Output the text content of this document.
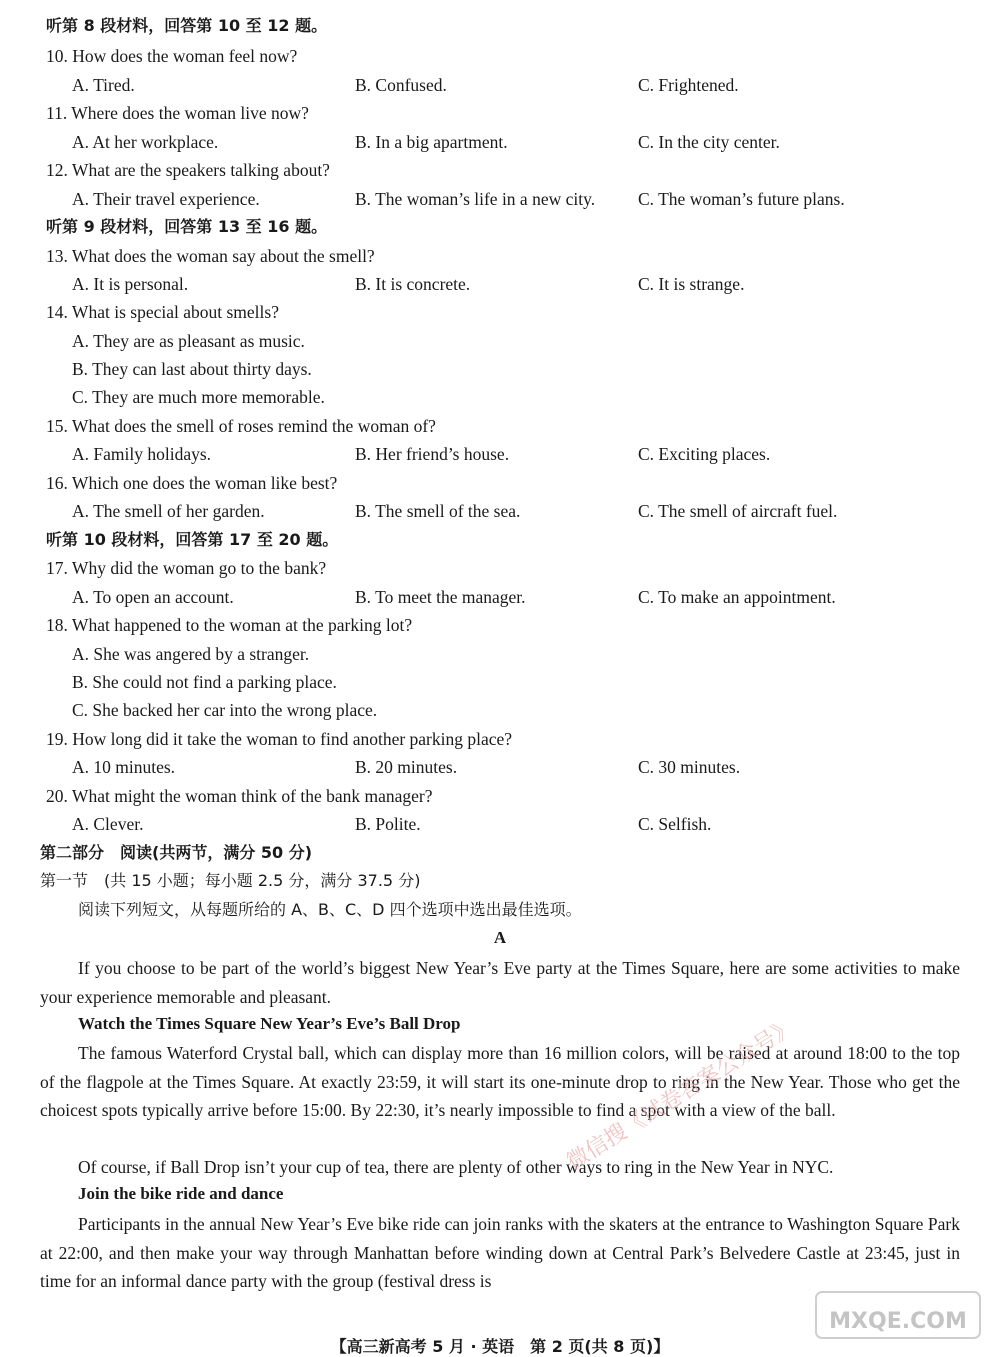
听第 8 段材料，回答第 10 至 12 题。
10. How does the woman feel now?
A. Tired.	B. Confused.	C. Frightened.
11. Where does the woman live now?
A. At her workplace.	B. In a big apartment.	C. In the city center.
12. What are the speakers talking about?
A. Their travel experience.	B. The woman’s life in a new city. C. The woman’s future plans.
听第 9 段材料，回答第 13 至 16 题。
13. What does the woman say about the smell?
A. It is personal.	B. It is concrete.	C. It is strange.
14. What is special about smells?
A. They are as pleasant as music.
B. They can last about thirty days.
C. They are much more memorable.
15. What does the smell of roses remind the woman of?
A. Family holidays.	B. Her friend’s house.	C. Exciting places.
16. Which one does the woman like best?
A. The smell of her garden.	B. The smell of the sea.	C. The smell of aircraft fuel.
听第 10 段材料，回答第 17 至 20 题。
17. Why did the woman go to the bank?
A. To open an account.	B. To meet the manager.	C. To make an appointment.
18. What happened to the woman at the parking lot?
A. She was angered by a stranger.
B. She could not find a parking place.
C. She backed her car into the wrong place.
19. How long did it take the woman to find another parking place?
A. 10 minutes.	B. 20 minutes.	C. 30 minutes.
20. What might the woman think of the bank manager?
A. Clever.	B. Polite.	C. Selfish.
第二部分　阅读(共两节，满分 50 分)
第一节　(共 15 小题；每小题 2.5 分，满分 37.5 分)
阅读下列短文，从每题所给的 A、B、C、D 四个选项中选出最佳选项。
A
If you choose to be part of the world’s biggest New Year’s Eve party at the Times Square, here are some activities to make your experience memorable and pleasant.
Watch the Times Square New Year’s Eve’s Ball Drop
The famous Waterford Crystal ball, which can display more than 16 million colors, will be raised at around 18:00 to the top of the flagpole at the Times Square. At exactly 23:59, it will start its one-minute drop to ring in the New Year. Those who get the choicest spots typically arrive before 15:00. By 22:30, it’s nearly impossible to find a spot with a view of the ball.
Of course, if Ball Drop isn’t your cup of tea, there are plenty of other ways to ring in the New Year in NYC.
Join the bike ride and dance
Participants in the annual New Year’s Eve bike ride can join ranks with the skaters at the entrance to Washington Square Park at 22:00, and then make your way through Manhattan before winding down at Central Park’s Belvedere Castle at 23:45, just in time for an informal dance party with the group (festival dress is
微信搜《试卷答案公众号》
MXQE.COM
【高三新高考 5 月 · 英语　第 2 页(共 8 页)】
